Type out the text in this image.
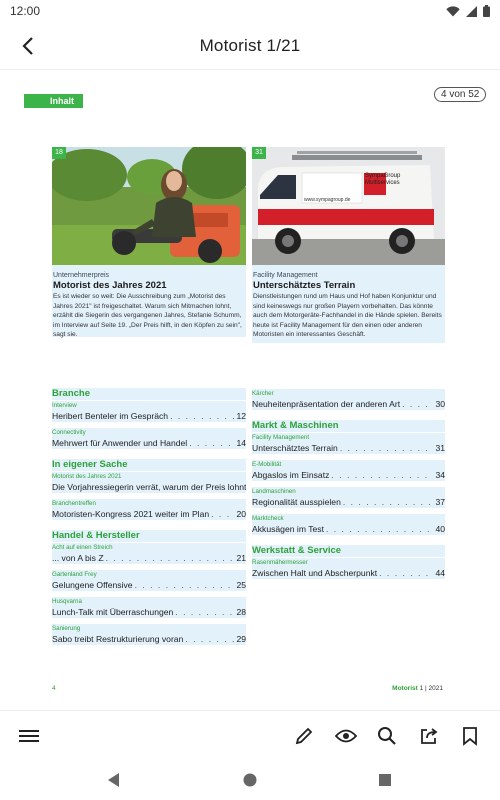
12:00
Motorist 1/21
Inhalt
4 von 52
18
Unternehmerpreis
Motorist des Jahres 2021
Es ist wieder so weit: Die Ausschreibung zum „Motorist des Jahres 2021" ist freigeschaltet. Warum sich Mitmachen lohnt, erzählt die Siegerin des vergangenen Jahres, Stefanie Schumm, im Interview auf Seite 19. „Der Preis hilft, in den Köpfen zu sein", sagt sie.
SympaGroup
Multiservices
www.sympagroup.de
31
Facility Management
Unterschätztes Terrain
Dienstleistungen rund um Haus und Hof haben Konjunktur und sind keineswegs nur großen Playern vorbehalten. Das könnte auch dem Motorgeräte-Fachhandel in die Hände spielen. Bereits heute ist Facility Management für den einen oder anderen Motoristen ein interessantes Geschäft.
Branche
Interview
Heribert Benteler im Gespräch . . .	12
Connectivity
Mehrwert für Anwender und Handel . . .	14
In eigener Sache
Motorist des Jahres 2021
Die Vorjahressiegerin verrät, warum der Preis lohnt
Branchentreffen
Motoristen-Kongress 2021 weiter im Plan . . .	20
Handel & Hersteller
Acht auf einen Streich
... von A bis Z . . .	21
Gartenland Frey
Gelungene Offensive . . .	25
Husqvarna
Lunch-Talk mit Überraschungen . . .	28
Sanierung
Sabo treibt Restrukturierung voran . . .	29
Kärcher
Neuheitenpräsentation der anderen Art . . .	30
Markt & Maschinen
Facility Management
Unterschätztes Terrain . . .	31
E-Mobilität
Abgaslos im Einsatz . . .	34
Landmaschinen
Regionalität ausspielen . . .	37
Marktcheck
Akkusägen im Test . . .	40
Werkstatt & Service
Rasenmähermesser
Zwischen Halt und Abscherpunkt . . .	44
4	Motorist 1 | 2021
